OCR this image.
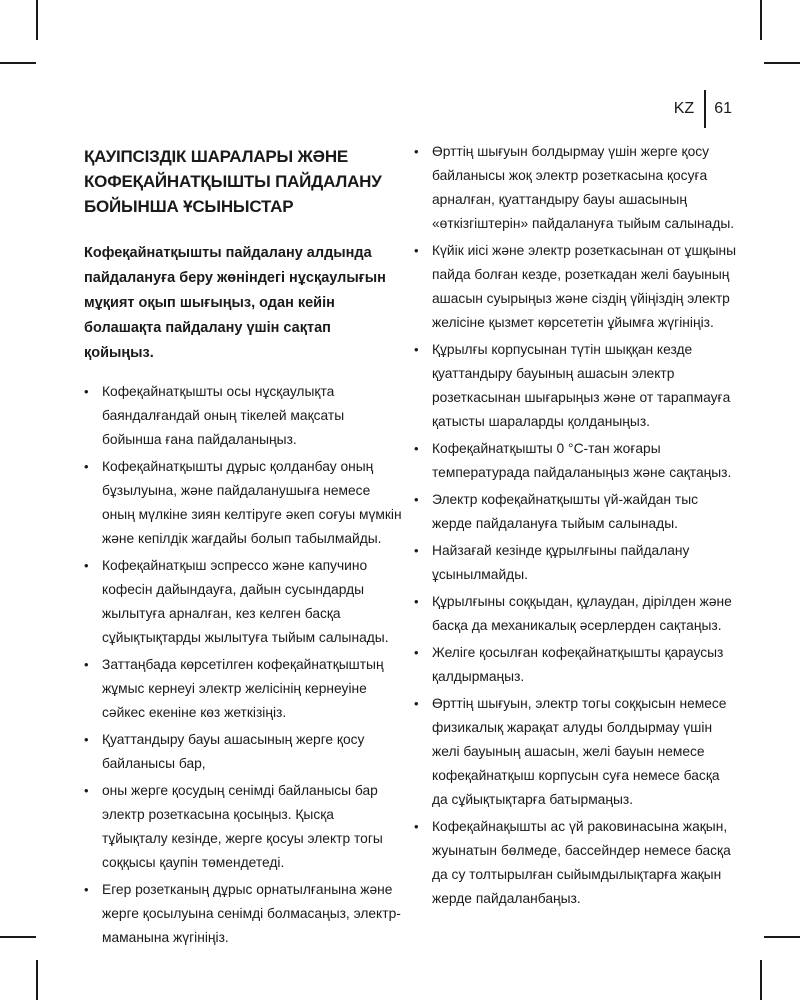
KZ 61
ҚАУІПСІЗДІК ШАРАЛАРЫ ЖӘНЕ КОФЕҚАЙНАТҚЫШТЫ ПАЙДАЛАНУ БОЙЫНША ҰСЫНЫСТАР

Кофеқайнатқышты пайдалану алдында пайдалануға беру жөніндегі нұсқаулығын мұқият оқып шығыңыз, одан кейін болашақта пайдалану үшін сақтап қойыңыз.

• Кофеқайнатқышты осы нұсқаулықта баяндалғандай оның тікелей мақсаты бойынша ғана пайдаланыңыз.
• Кофеқайнатқышты дұрыс қолданбау оның бұзылуына, және пайдаланушыға немесе оның мүлкіне зиян келтіруге әкеп соғуы мүмкін және кепілдік жағдайы болып табылмайды.
• Кофеқайнатқыш эспрессо және капучино кофесін дайындауға, дайын сусындарды жылытуға арналған, кез келген басқа сұйықтықтарды жылытуға тыйым салынады.
• Заттаңбада көрсетілген кофеқайнатқыштың жұмыс кернеуі электр желісінің кернеуіне сәйкес екеніне көз жеткізіңіз.
• Қуаттандыру бауы ашасының жерге қосу байланысы бар,
• оны жерге қосудың сенімді байланысы бар электр розеткасына қосыңыз. Қысқа тұйықталу кезінде, жерге қосуы электр тогы соққысы қаупін төмендетеді.
• Егер розетканың дұрыс орнатылғанына және жерге қосылуына сенімді болмасаңыз, электр-маманына жүгініңіз.
• Өрттің шығуын болдырмау үшін жерге қосу байланысы жоқ электр розеткасына қосуға арналған, қуаттандыру бауы ашасының «өткізгіштерін» пайдалануға тыйым салынады.
• Күйік иісі және электр розеткасынан от ұшқыны пайда болған кезде, розеткадан желі бауының ашасын суырыңыз және сіздің үйіңіздің электр желісіне қызмет көрсететін ұйымға жүгініңіз.
• Құрылғы корпусынан түтін шыққан кезде қуаттандыру бауының ашасын электр розеткасынан шығарыңыз және от тарапмауға қатысты шараларды қолданыңыз.
• Кофеқайнатқышты 0 °С-тан жоғары температурада пайдаланыңыз және сақтаңыз.
• Электр кофеқайнатқышты үй-жайдан тыс жерде пайдалануға тыйым салынады.
• Найзағай кезінде құрылғыны пайдалану ұсынылмайды.
• Құрылғыны соққыдан, құлаудан, дірілден және басқа да механикалық әсерлерден сақтаңыз.
• Желіге қосылған кофеқайнатқышты қараусыз қалдырмаңыз.
• Өрттің шығуын, электр тогы соққысын немесе физикалық жарақат алуды болдырмау үшін желі бауының ашасын, желі бауын немесе кофеқайнатқыш корпусын суға немесе басқа да сұйықтықтарға батырмаңыз.
• Кофеқайнақышты ас үй раковинасына жақын, жуынатын бөлмеде, бассейндер немесе басқа да су толтырылған сыйымдылықтарға жақын жерде пайдаланбаңыз.
